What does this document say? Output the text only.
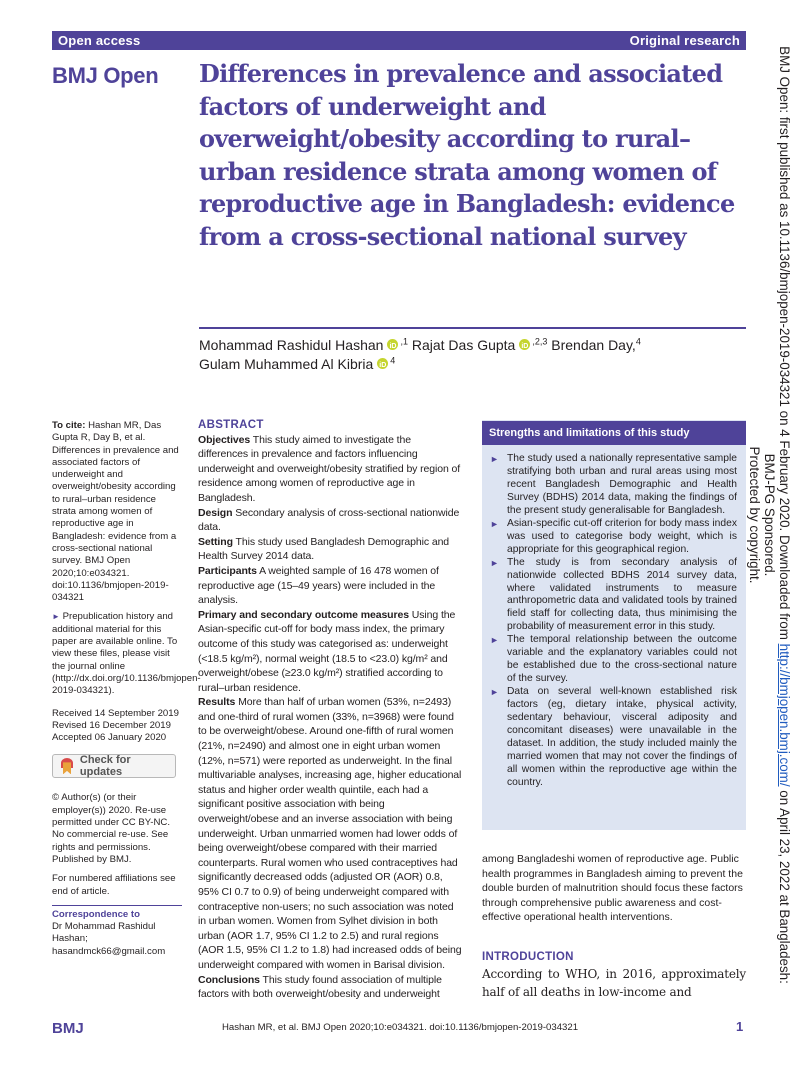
Open access	Original research
BMJ Open Differences in prevalence and associated factors of underweight and overweight/obesity according to rural–urban residence strata among women of reproductive age in Bangladesh: evidence from a cross-sectional national survey
Mohammad Rashidul Hashan iD $^{,1}$ Rajat Das Gupta iD $^{,2,3}$ Brendan Day,$^4$
Gulam Muhammed Al Kibria iD $^4$

To cite: Hashan MR, Das Gupta R, Day B, et al. Differences in prevalence and associated factors of underweight and overweight/obesity according to rural–urban residence strata among women of reproductive age in Bangladesh: evidence from a cross-sectional national survey. BMJ Open 2020;10:e034321. doi:10.1136/bmjopen-2019-034321

► Prepublication history and additional material for this paper are available online. To view these files, please visit the journal online (http://dx.doi.org/10.1136/bmjopen-2019-034321).

Received 14 September 2019
Revised 16 December 2019
Accepted 06 January 2020

Check for updates

© Author(s) (or their employer(s)) 2020. Re-use permitted under CC BY-NC. No commercial re-use. See rights and permissions. Published by BMJ.

For numbered affiliations see end of article.

Correspondence to
Dr Mohammad Rashidul Hashan;
hasandmck66@gmail.com

ABSTRACT

Objectives This study aimed to investigate the differences in prevalence and factors influencing underweight and overweight/obesity stratified by region of residence among women of reproductive age in Bangladesh.

Design Secondary analysis of cross-sectional nationwide data.

Setting This study used Bangladesh Demographic and Health Survey 2014 data.

Participants A weighted sample of 16 478 women of reproductive age (15–49 years) were included in the analysis.

Primary and secondary outcome measures Using the Asian-specific cut-off for body mass index, the primary outcome of this study was categorised as: underweight (<18.5 kg/m²), normal weight (18.5 to <23.0) kg/m² and overweight/obese (≥23.0 kg/m²) stratified according to rural–urban residence.

Results More than half of urban women (53%, n=2493) and one-third of rural women (33%, n=3968) were found to be overweight/obese. Around one-fifth of rural women (21%, n=2490) and almost one in eight urban women (12%, n=571) were reported as underweight. In the final multivariable analyses, increasing age, higher educational status and higher order wealth quintile, each had a significant positive association with being overweight/obese and an inverse association with being underweight. Urban unmarried women had lower odds of being overweight/obese compared with their married counterparts. Rural women who used contraceptives had significantly decreased odds (adjusted OR (AOR) 0.8, 95% CI 0.7 to 0.9) of being underweight compared with contraceptive non-users; no such association was noted in urban women. Women from Sylhet division in both urban (AOR 1.7, 95% CI 1.2 to 2.5) and rural regions (AOR 1.5, 95% CI 1.2 to 1.8) had increased odds of being underweight compared with women in Barisal division.

Conclusions This study found association of multiple factors with both overweight/obesity and underweight

Strengths and limitations of this study
► The study used a nationally representative sample stratifying both urban and rural areas using most recent Bangladesh Demographic and Health Survey (BDHS) 2014 data, making the findings of the present study generalisable for Bangladesh.
► Asian-specific cut-off criterion for body mass index was used to categorise body weight, which is appropriate for this geographical region.
► The study is from secondary analysis of nationwide collected BDHS 2014 survey data, where validated instruments to measure anthropometric data and validated tools by trained field staff for collecting data, thus minimising the probability of measurement error in this study.
► The temporal relationship between the outcome variable and the explanatory variables could not be established due to the cross-sectional nature of the survey.
► Data on several well-known established risk factors (eg, dietary intake, physical activity, sedentary behaviour, visceral adiposity and concomitant diseases) were unavailable in the dataset. In addition, the study included mainly the married women that may not cover the findings of all women within the reproductive age within the country.

among Bangladeshi women of reproductive age. Public health programmes in Bangladesh aiming to prevent the double burden of malnutrition should focus these factors through comprehensive public awareness and cost-effective operational health interventions.

INTRODUCTION

According to WHO, in 2016, approximately half of all deaths in low-income and

BMJ	Hashan MR, et al. BMJ Open 2020;10:e034321. doi:10.1136/bmjopen-2019-034321	1
BMJ Open: first published as 10.1136/bmjopen-2019-034321 on 4 February 2020. Downloaded from http://bmjopen.bmj.com/ on April 23, 2022 at Bangladesh: BMJ-PG Sponsored.
Protected by copyright.
